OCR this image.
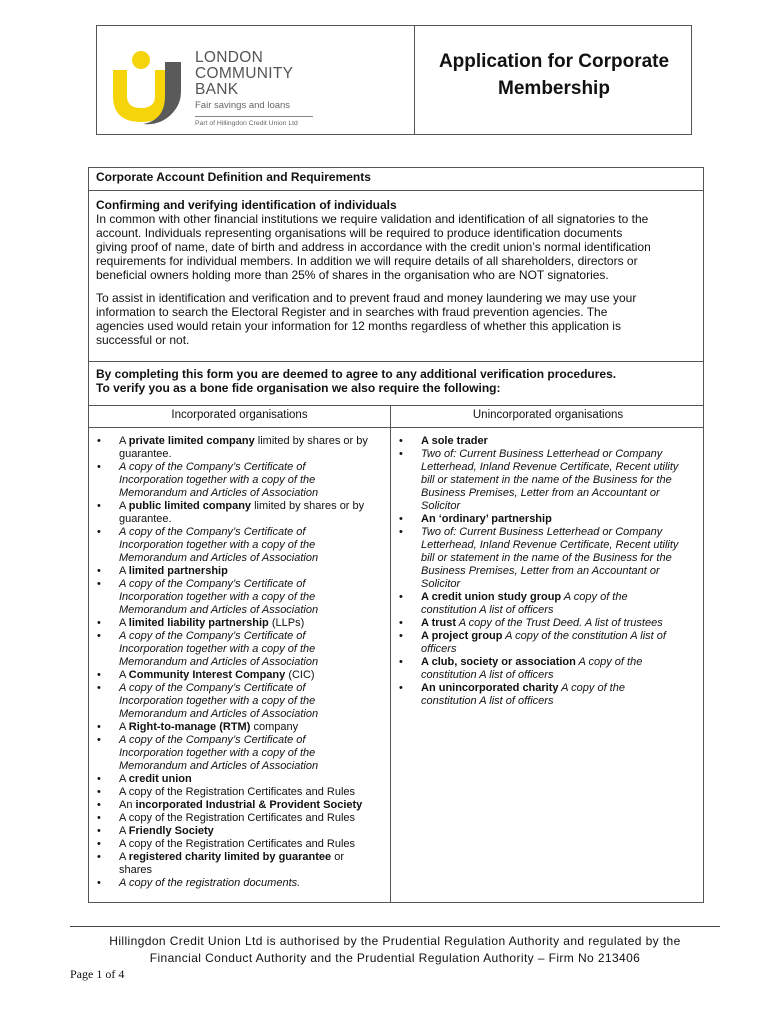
LONDON
COMMUNITY
BANK
Fair savings and loans
Part of Hillingdon Credit Union Ltd
Application for Corporate
Membership
Corporate Account Definition and Requirements

Confirming and verifying identification of individuals

In common with other financial institutions we require validation and identification of all signatories to the
account. Individuals representing organisations will be required to produce identification documents
giving proof of name, date of birth and address in accordance with the credit union’s normal identification
requirements for individual members. In addition we will require details of all shareholders, directors or
beneficial owners holding more than 25% of shares in the organisation who are NOT signatories.
To assist in identification and verification and to prevent fraud and money laundering we may use your
information to search the Electoral Register and in searches with fraud prevention agencies. The
agencies used would retain your information for 12 months regardless of whether this application is
successful or not.
By completing this form you are deemed to agree to any additional verification procedures.
To verify you as a bone fide organisation we also require the following:
Incorporated organisations	Unincorporated organisations
• A private limited company limited by shares or by
guarantee.
• A copy of the Company’s Certificate of
Incorporation together with a copy of the
Memorandum and Articles of Association
• A public limited company limited by shares or by
guarantee.
• A copy of the Company’s Certificate of
Incorporation together with a copy of the
Memorandum and Articles of Association
• A limited partnership
• A copy of the Company’s Certificate of
Incorporation together with a copy of the
Memorandum and Articles of Association
• A limited liability partnership (LLPs)
• A copy of the Company’s Certificate of
Incorporation together with a copy of the
Memorandum and Articles of Association
• A Community Interest Company (CIC)
• A copy of the Company’s Certificate of
Incorporation together with a copy of the
Memorandum and Articles of Association
• A Right-to-manage (RTM) company
• A copy of the Company’s Certificate of
Incorporation together with a copy of the
Memorandum and Articles of Association
• A credit union
• A copy of the Registration Certificates and Rules
• An incorporated Industrial & Provident Society
• A copy of the Registration Certificates and Rules
• A Friendly Society
• A copy of the Registration Certificates and Rules
• A registered charity limited by guarantee or
shares
• A copy of the registration documents.
• A sole trader
• Two of: Current Business Letterhead or Company
Letterhead, Inland Revenue Certificate, Recent utility
bill or statement in the name of the Business for the
Business Premises, Letter from an Accountant or
Solicitor
• An ‘ordinary’ partnership
• Two of: Current Business Letterhead or Company
Letterhead, Inland Revenue Certificate, Recent utility
bill or statement in the name of the Business for the
Business Premises, Letter from an Accountant or
Solicitor
• A credit union study group A copy of the
constitution A list of officers
• A trust A copy of the Trust Deed. A list of trustees
• A project group A copy of the constitution A list of
officers
• A club, society or association A copy of the
constitution A list of officers
• An unincorporated charity A copy of the
constitution A list of officers
Hillingdon Credit Union Ltd is authorised by the Prudential Regulation Authority and regulated by the
Financial Conduct Authority and the Prudential Regulation Authority – Firm No 213406
Page 1 of 4
